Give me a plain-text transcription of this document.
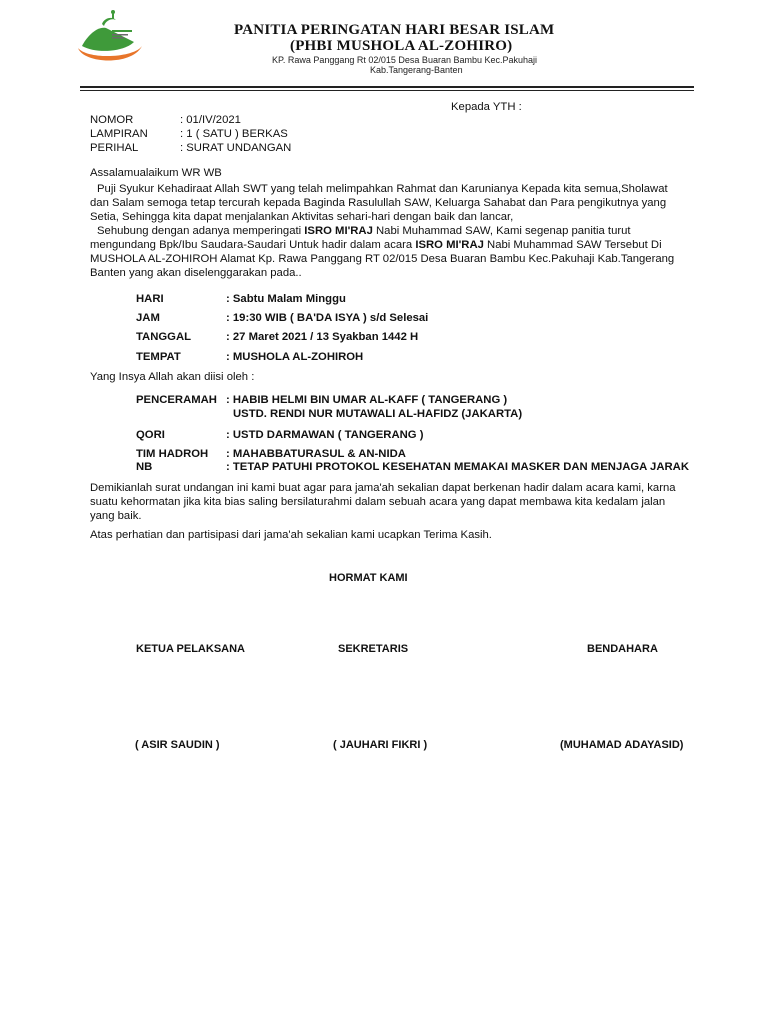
PANITIA PERINGATAN HARI BESAR ISLAM
(PHBI MUSHOLA AL-ZOHIRO)
KP. Rawa Panggang Rt 02/015 Desa Buaran Bambu Kec.Pakuhaji
Kab.Tangerang-Banten
Kepada YTH :
NOMOR	: 01/IV/2021
LAMPIRAN	: 1 ( SATU ) BERKAS
PERIHAL	: SURAT UNDANGAN
Assalamualaikum WR WB
Puji Syukur Kehadiraat Allah SWT yang telah melimpahkan Rahmat dan Karunianya Kepada kita semua,Sholawat
dan Salam semoga tetap tercurah kepada Baginda Rasulullah SAW, Keluarga Sahabat dan Para pengikutnya yang
Setia, Sehingga kita dapat menjalankan Aktivitas sehari-hari dengan baik dan lancar,
Sehubung dengan adanya memperingati ISRO MI'RAJ Nabi Muhammad SAW, Kami segenap panitia turut
mengundang Bpk/Ibu Saudara-Saudari Untuk hadir dalam acara ISRO MI'RAJ Nabi Muhammad SAW Tersebut Di
MUSHOLA AL-ZOHIROH Alamat Kp. Rawa Panggang RT 02/015 Desa Buaran Bambu Kec.Pakuhaji Kab.Tangerang
Banten yang akan diselenggarakan pada..
HARI	: Sabtu Malam Minggu
JAM	: 19:30 WIB ( BA'DA ISYA ) s/d Selesai
TANGGAL	: 27 Maret 2021 / 13 Syakban 1442 H
TEMPAT	: MUSHOLA AL-ZOHIROH
Yang Insya Allah akan diisi oleh :
PENCERAMAH : HABIB HELMI BIN UMAR AL-KAFF ( TANGERANG )
USTD. RENDI NUR MUTAWALI AL-HAFIDZ (JAKARTA)
QORI	: USTD DARMAWAN ( TANGERANG )
TIM HADROH : MAHABBATURASUL & AN-NIDA
NB	: TETAP PATUHI PROTOKOL KESEHATAN MEMAKAI MASKER DAN MENJAGA JARAK
Demikianlah surat undangan ini kami buat agar para jama'ah sekalian dapat berkenan hadir dalam acara kami, karna
suatu kehormatan jika kita bias saling bersilaturahmi dalam sebuah acara yang dapat membawa kita kedalam jalan
yang baik.
Atas perhatian dan partisipasi dari jama'ah sekalian kami ucapkan Terima Kasih.
HORMAT KAMI
KETUA PELAKSANA	SEKRETARIS	BENDAHARA
( ASIR SAUDIN )	( JAUHARI FIKRI )	(MUHAMAD ADAYASID)
